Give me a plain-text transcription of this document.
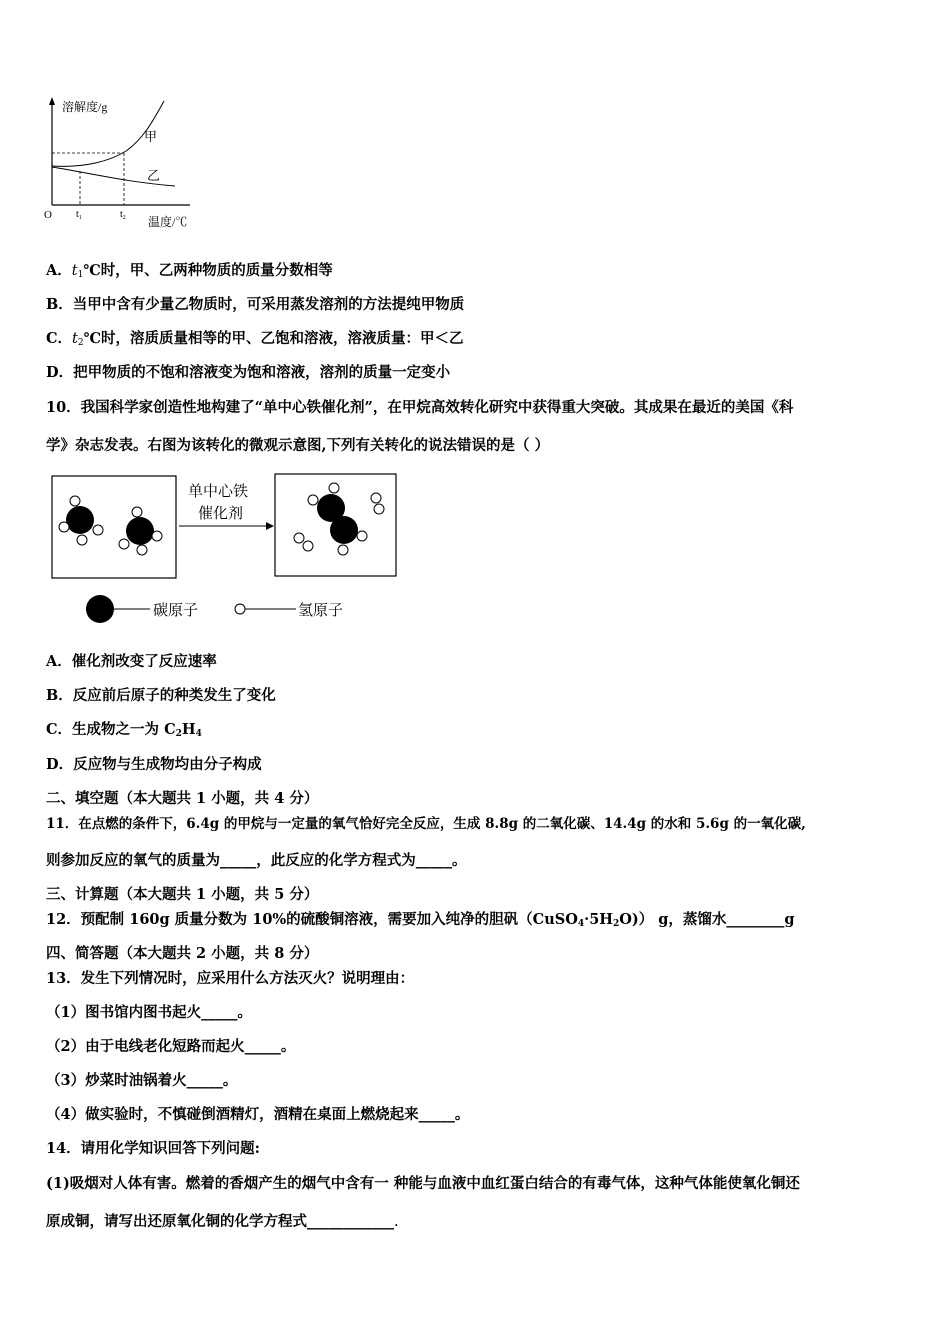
溶解度/g
甲
乙
O $t_1$	$t_2$ 温度/℃
A．$t_1℃$时，甲、乙两种物质的质量分数相等
B．当甲中含有少量乙物质时，可采用蒸发溶剂的方法提纯甲物质
C．$t_2℃$时，溶质质量相等的甲、乙饱和溶液，溶液质量：甲＜乙
D．把甲物质的不饱和溶液变为饱和溶液，溶剂的质量一定变小
10．我国科学家创造性地构建了“单中心铁催化剂”，在甲烷高效转化研究中获得重大突破。其成果在最近的美国《科
学》杂志发表。右图为该转化的微观示意图,下列有关转化的说法错误的是（ ）
单中心铁
催化剂
碳原子	氢原子
A．催化剂改变了反应速率
B．反应前后原子的种类发生了变化
C．生成物之一为 $C_2H_4$
D．反应物与生成物均由分子构成
二、填空题（本大题共 1 小题，共 4 分）
11．在点燃的条件下，6.4g 的甲烷与一定量的氧气恰好完全反应，生成 8.8g 的二氧化碳、14.4g 的水和 5.6g 的一氧化碳,
则参加反应的氧气的质量为_____，此反应的化学方程式为_____。
三、计算题（本大题共 1 小题，共 5 分）
12．预配制 160g 质量分数为 10%的硫酸铜溶液，需要加入纯净的胆矾$(CuSO_4\cdot 5H_2O)$） g，蒸馏水________g
四、简答题（本大题共 2 小题，共 8 分）
13．发生下列情况时，应采用什么方法灭火？说明理由：
（1）图书馆内图书起火_____。
（2）由于电线老化短路而起火_____。
（3）炒菜时油锅着火_____。
（4）做实验时，不慎碰倒酒精灯，酒精在桌面上燃烧起来_____。
14．请用化学知识回答下列问题:
(1)吸烟对人体有害。燃着的香烟产生的烟气中含有一 种能与血液中血红蛋白结合的有毒气体，这种气体能使氧化铜还
原成铜，请写出还原氧化铜的化学方程式____________.
